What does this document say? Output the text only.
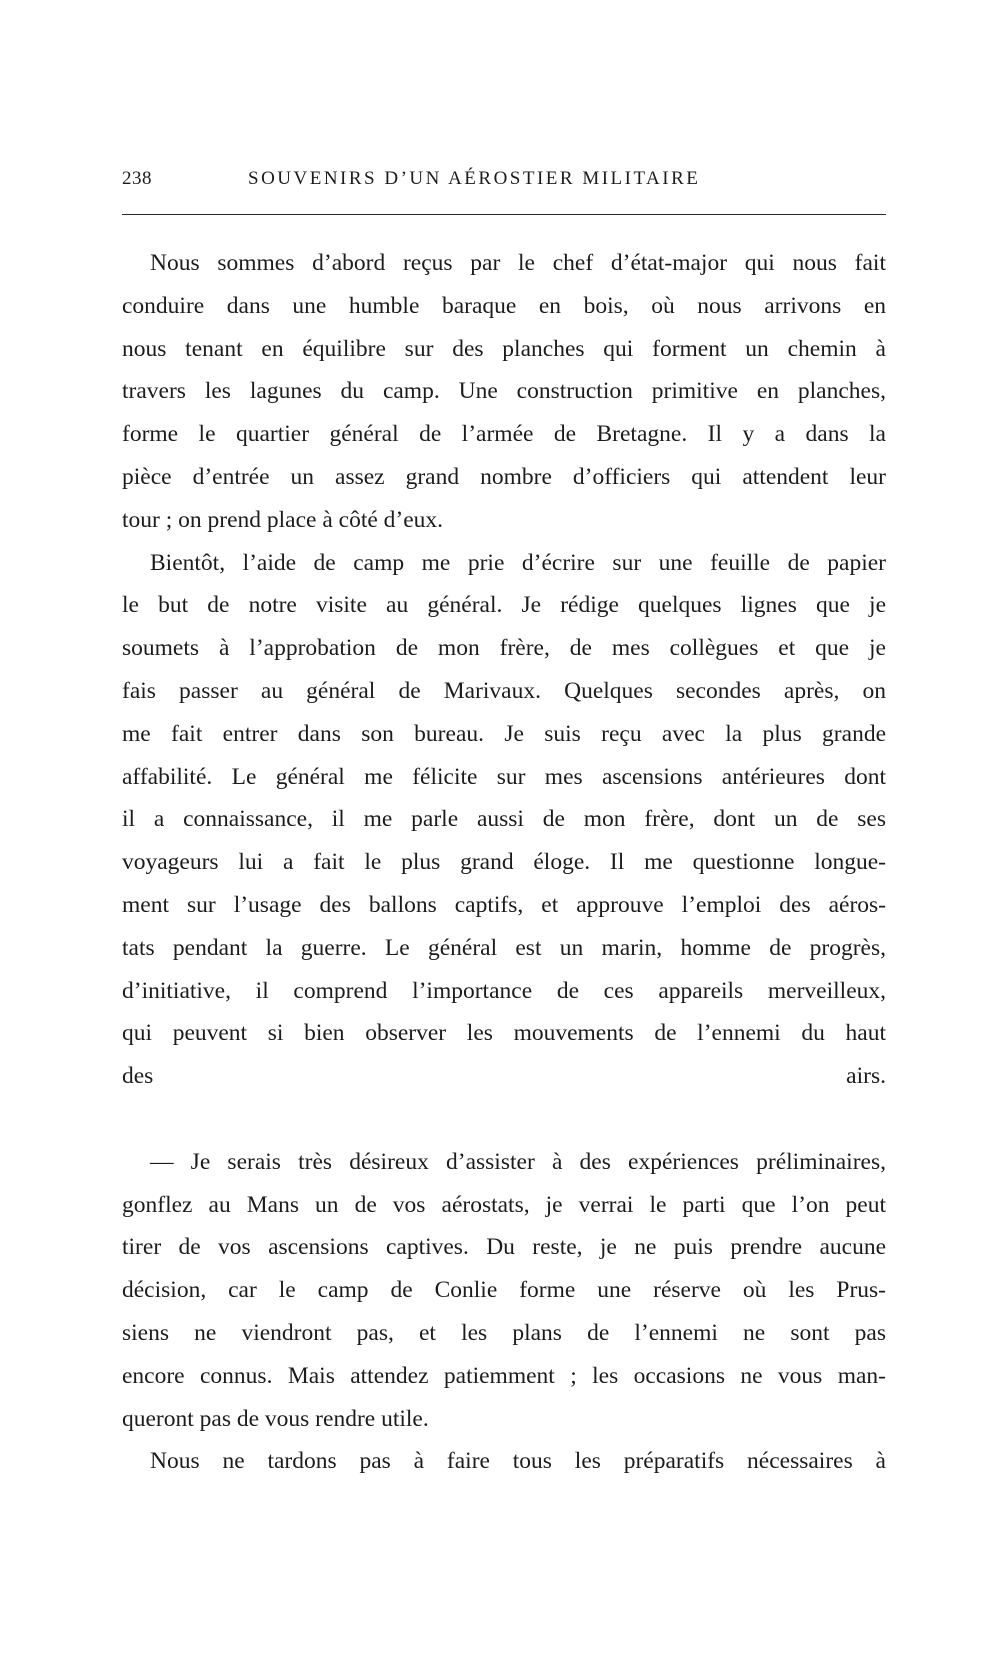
238	SOUVENIRS D’UN AÉROSTIER MILITAIRE
Nous sommes d’abord reçus par le chef d’état-major qui nous fait
conduire dans une humble baraque en bois, où nous arrivons en
nous tenant en équilibre sur des planches qui forment un chemin à
travers les lagunes du camp. Une construction primitive en planches,
forme le quartier général de l’armée de Bretagne. Il y a dans la
pièce d’entrée un assez grand nombre d’officiers qui attendent leur
tour ; on prend place à côté d’eux.
Bientôt, l’aide de camp me prie d’écrire sur une feuille de papier
le but de notre visite au général. Je rédige quelques lignes que je
soumets à l’approbation de mon frère, de mes collègues et que je
fais passer au général de Marivaux. Quelques secondes après, on
me fait entrer dans son bureau. Je suis reçu avec la plus grande
affabilité. Le général me félicite sur mes ascensions antérieures dont
il a connaissance, il me parle aussi de mon frère, dont un de ses
voyageurs lui a fait le plus grand éloge. Il me questionne longue-
ment sur l’usage des ballons captifs, et approuve l’emploi des aéros-
tats pendant la guerre. Le général est un marin, homme de progrès,
d’initiative, il comprend l’importance de ces appareils merveilleux,
qui peuvent si bien observer les mouvements de l’ennemi du haut
des airs.
— Je serais très désireux d’assister à des expériences préliminaires,
gonflez au Mans un de vos aérostats, je verrai le parti que l’on peut
tirer de vos ascensions captives. Du reste, je ne puis prendre aucune
décision, car le camp de Conlie forme une réserve où les Prus-
siens ne viendront pas, et les plans de l’ennemi ne sont pas
encore connus. Mais attendez patiemment ; les occasions ne vous man-
queront pas de vous rendre utile.
Nous ne tardons pas à faire tous les préparatifs nécessaires à
